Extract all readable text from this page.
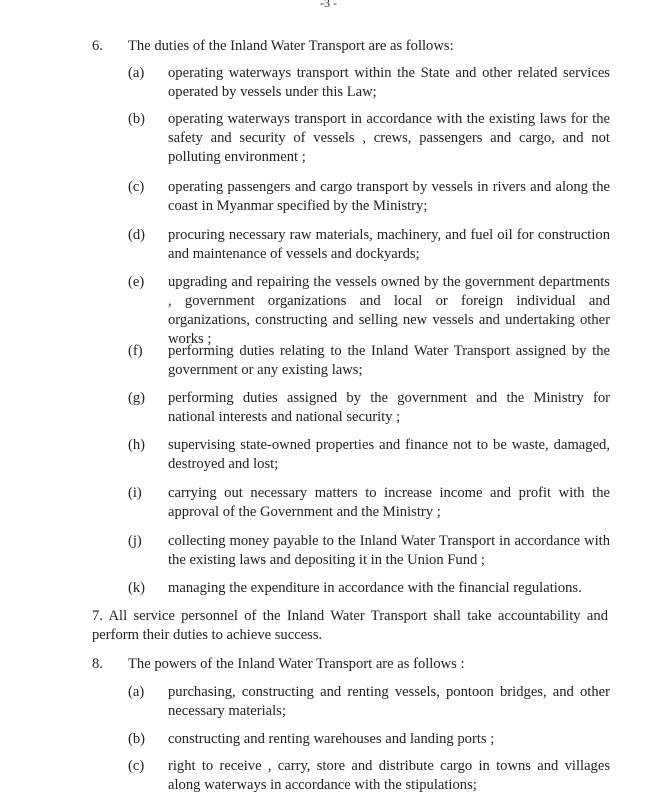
-3 -
6. The duties of the Inland Water Transport are as follows:
(a) operating waterways transport within the State and other related services operated by vessels under this Law;
(b) operating waterways transport in accordance with the existing laws for the safety and security of vessels , crews, passengers and cargo, and not polluting environment ;
(c) operating passengers and cargo transport by vessels in rivers and along the coast in Myanmar specified by the Ministry;
(d) procuring necessary raw materials, machinery, and fuel oil for construction and maintenance of vessels and dockyards;
(e) upgrading and repairing the vessels owned by the government departments , government organizations and local or foreign individual and organizations, constructing and selling new vessels and undertaking other works ;
(f) performing duties relating to the Inland Water Transport assigned by the government or any existing laws;
(g) performing duties assigned by the government and the Ministry for national interests and national security ;
(h) supervising state-owned properties and finance not to be waste, damaged, destroyed and lost;
(i) carrying out necessary matters to increase income and profit with the approval of the Government and the Ministry ;
(j) collecting money payable to the Inland Water Transport in accordance with the existing laws and depositing it in the Union Fund ;
(k) managing the expenditure in accordance with the financial regulations.
7. All service personnel of the Inland Water Transport shall take accountability and perform their duties to achieve success.
8. The powers of the Inland Water Transport are as follows :
(a) purchasing, constructing and renting vessels, pontoon bridges, and other necessary materials;
(b) constructing and renting warehouses and landing ports ;
(c) right to receive , carry, store and distribute cargo in towns and villages along waterways in accordance with the stipulations;
